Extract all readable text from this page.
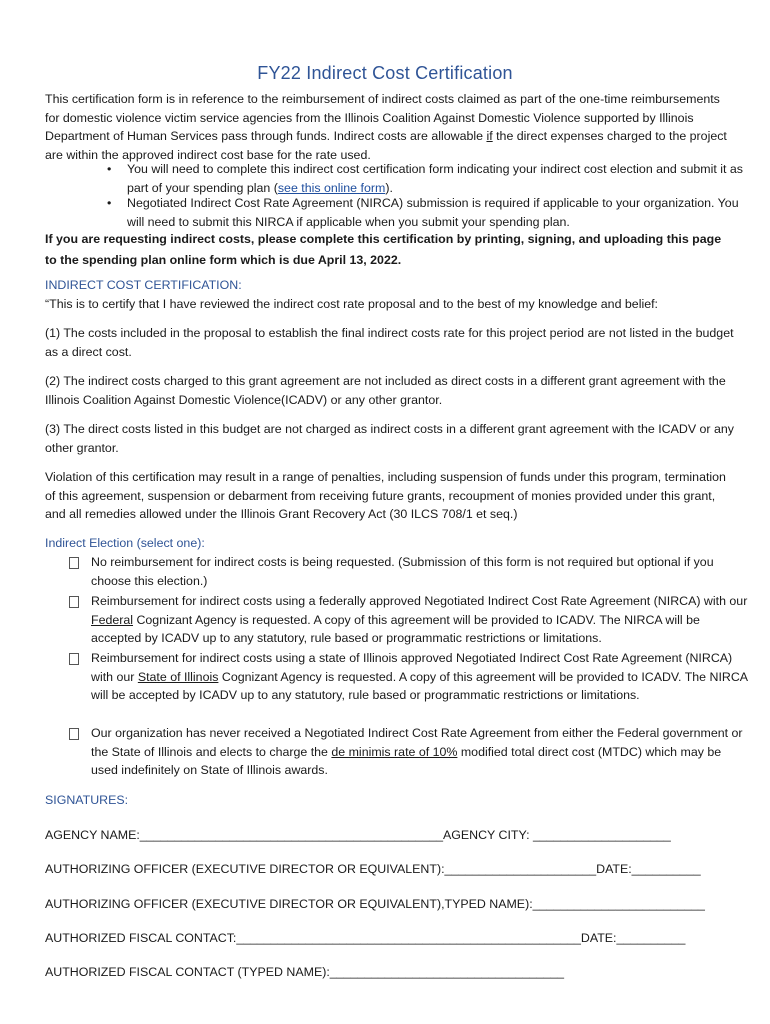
FY22 Indirect Cost Certification

This certification form is in reference to the reimbursement of indirect costs claimed as part of the one-time reimbursements for domestic violence victim service agencies from the Illinois Coalition Against Domestic Violence supported by Illinois Department of Human Services pass through funds. Indirect costs are allowable if the direct expenses charged to the project are within the approved indirect cost base for the rate used.

• You will need to complete this indirect cost certification form indicating your indirect cost election and submit it as part of your spending plan (see this online form).
• Negotiated Indirect Cost Rate Agreement (NIRCA) submission is required if applicable to your organization. You will need to submit this NIRCA if applicable when you submit your spending plan.

If you are requesting indirect costs, please complete this certification by printing, signing, and uploading this page to the spending plan online form which is due April 13, 2022.

INDIRECT COST CERTIFICATION:

“This is to certify that I have reviewed the indirect cost rate proposal and to the best of my knowledge and belief:

(1) The costs included in the proposal to establish the final indirect costs rate for this project period are not listed in the budget as a direct cost.

(2) The indirect costs charged to this grant agreement are not included as direct costs in a different grant agreement with the Illinois Coalition Against Domestic Violence(ICADV) or any other grantor.

(3) The direct costs listed in this budget are not charged as indirect costs in a different grant agreement with the ICADV or any other grantor.

Violation of this certification may result in a range of penalties, including suspension of funds under this program, termination of this agreement, suspension or debarment from receiving future grants, recoupment of monies provided under this grant, and all remedies allowed under the Illinois Grant Recovery Act (30 ILCS 708/1 et seq.)

Indirect Election (select one):

No reimbursement for indirect costs is being requested. (Submission of this form is not required but optional if you choose this election.)
Reimbursement for indirect costs using a federally approved Negotiated Indirect Cost Rate Agreement (NIRCA) with our Federal Cognizant Agency is requested. A copy of this agreement will be provided to ICADV. The NIRCA will be accepted by ICADV up to any statutory, rule based or programmatic restrictions or limitations.
Reimbursement for indirect costs using a state of Illinois approved Negotiated Indirect Cost Rate Agreement (NIRCA) with our State of Illinois Cognizant Agency is requested. A copy of this agreement will be provided to ICADV. The NIRCA will be accepted by ICADV up to any statutory, rule based or programmatic restrictions or limitations.
Our organization has never received a Negotiated Indirect Cost Rate Agreement from either the Federal government or the State of Illinois and elects to charge the de minimis rate of 10% modified total direct cost (MTDC) which may be used indefinitely on State of Illinois awards.

SIGNATURES:

AGENCY NAME:____________________________________________AGENCY CITY: ____________________
AUTHORIZING OFFICER (EXECUTIVE DIRECTOR OR EQUIVALENT):______________________DATE:__________
AUTHORIZING OFFICER (EXECUTIVE DIRECTOR OR EQUIVALENT),TYPED NAME):_________________________
AUTHORIZED FISCAL CONTACT:__________________________________________________DATE:__________
AUTHORIZED FISCAL CONTACT (TYPED NAME):__________________________________
